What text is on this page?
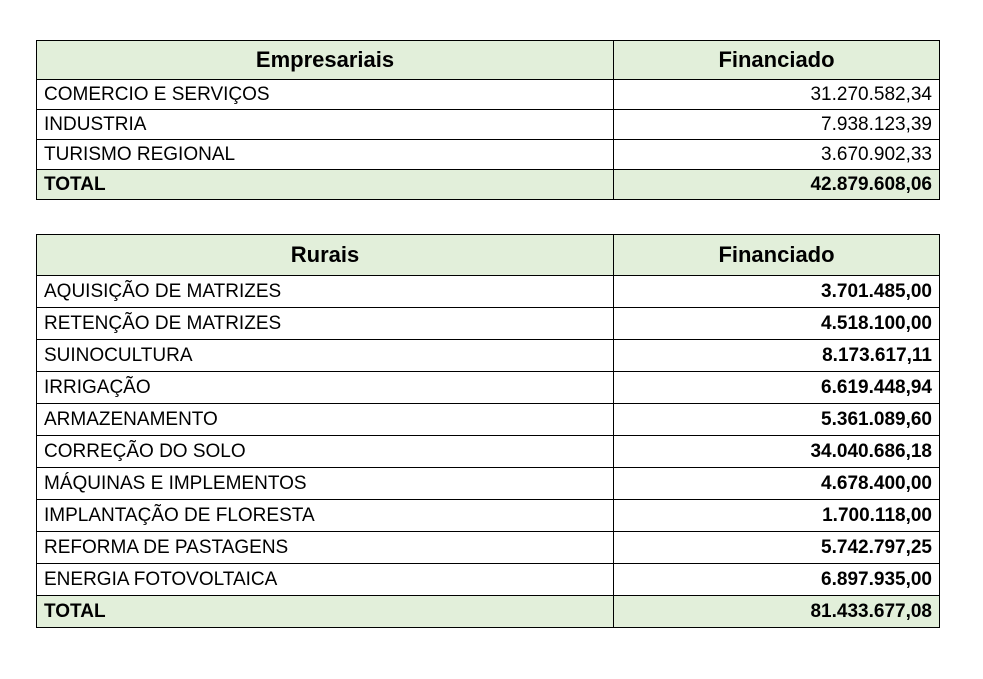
Empresariais	Financiado
COMERCIO E SERVIÇOS	31.270.582,34
INDUSTRIA	7.938.123,39
TURISMO REGIONAL	3.670.902,33
TOTAL	42.879.608,06
Rurais	Financiado
AQUISIÇÃO DE MATRIZES	3.701.485,00
RETENÇÃO DE MATRIZES	4.518.100,00
SUINOCULTURA	8.173.617,11
IRRIGAÇÃO	6.619.448,94
ARMAZENAMENTO	5.361.089,60
CORREÇÃO DO SOLO	34.040.686,18
MÁQUINAS E IMPLEMENTOS	4.678.400,00
IMPLANTAÇÃO DE FLORESTA	1.700.118,00
REFORMA DE PASTAGENS	5.742.797,25
ENERGIA FOTOVOLTAICA	6.897.935,00
TOTAL	81.433.677,08
